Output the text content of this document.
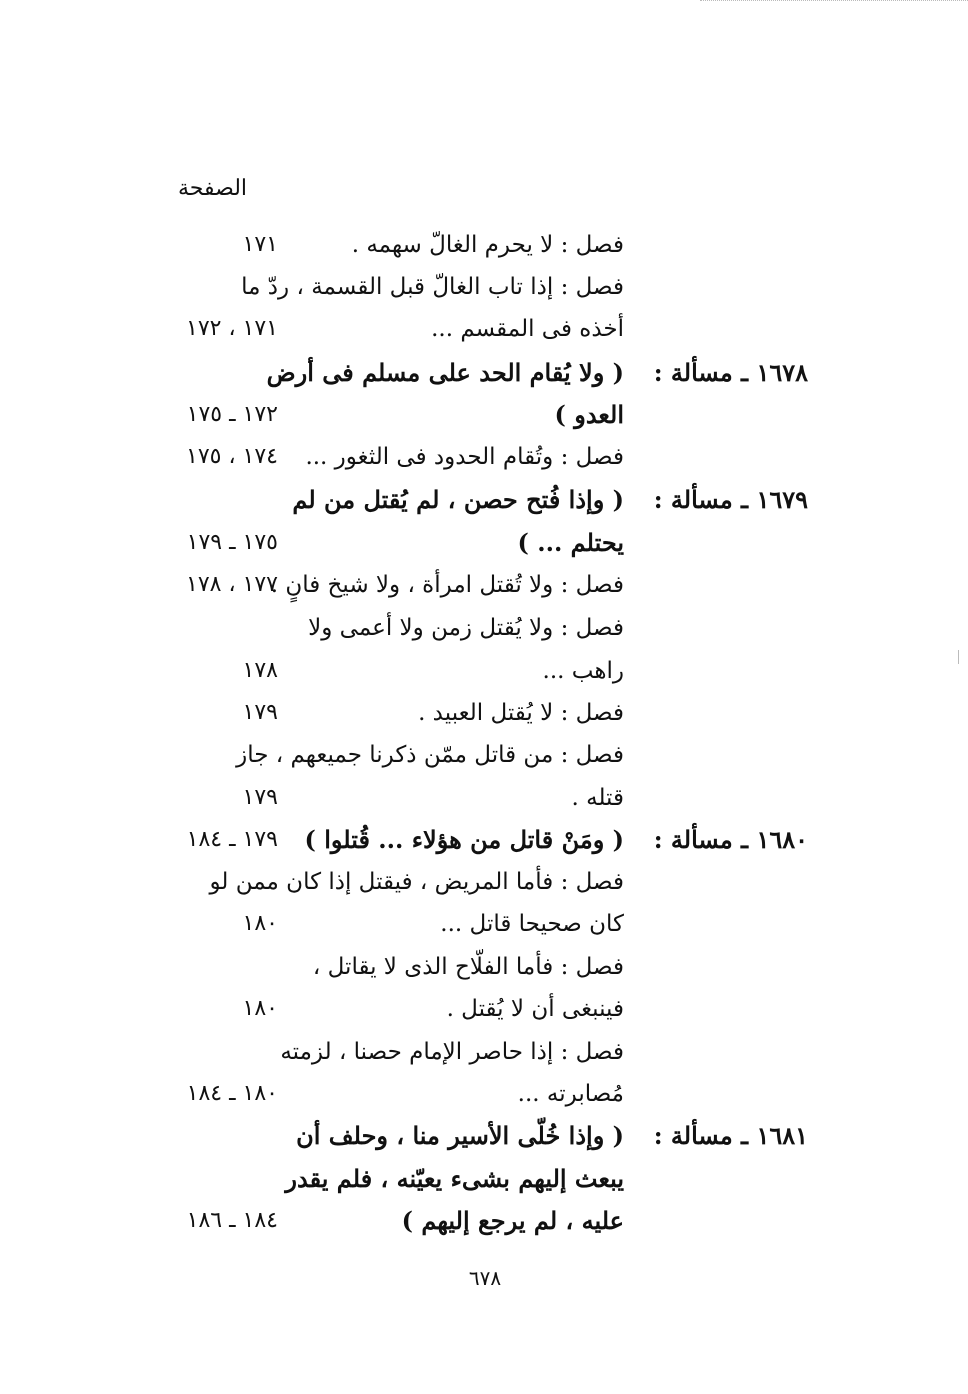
الصفحة
فصل : لا يحرم الغالّ سهمه .
١٧١
فصل : إذا تاب الغالّ قبل القسمة ، ردّ ما
أخذه فى المقسم ...
١٧١ ، ١٧٢
١٦٧٨ ـ مسألة :
( ولا يُقام الحد على مسلم فى أرض
العدو )
١٧٢ ـ ١٧٥
فصل : وتُقام الحدود فى الثغور ...
١٧٤ ، ١٧٥
١٦٧٩ ـ مسألة :
( وإذا فُتح حصن ، لم يُقتل من لم
يحتلم ... )
١٧٥ ـ ١٧٩
فصل : ولا تُقتل امرأة ، ولا شيخ فانٍ .
١٧٧ ، ١٧٨
فصل : ولا يُقتل زمن ولا أعمى ولا
راهب ...
١٧٨
فصل : لا يُقتل العبيد .
١٧٩
فصل : من قاتل ممّن ذكرنا جميعهم ، جاز
قتله .
١٧٩
١٦٨٠ ـ مسألة :
( ومَنْ قاتل من هؤلاء ... قُتلوا )
١٧٩ ـ ١٨٤
فصل : فأما المريض ، فيقتل إذا كان ممن لو
كان صحيحا قاتل ...
١٨٠
فصل : فأما الفلّاح الذى لا يقاتل ،
فينبغى أن لا يُقتل .
١٨٠
فصل : إذا حاصر الإمام حصنا ، لزمته
مُصابرته ...
١٨٠ ـ ١٨٤
١٦٨١ ـ مسألة :
( وإذا خُلّى الأسير منا ، وحلف أن
يبعث إليهم بشىء يعيّنه ، فلم يقدر
عليه ، لم يرجع إليهم )
١٨٤ ـ ١٨٦
٦٧٨
